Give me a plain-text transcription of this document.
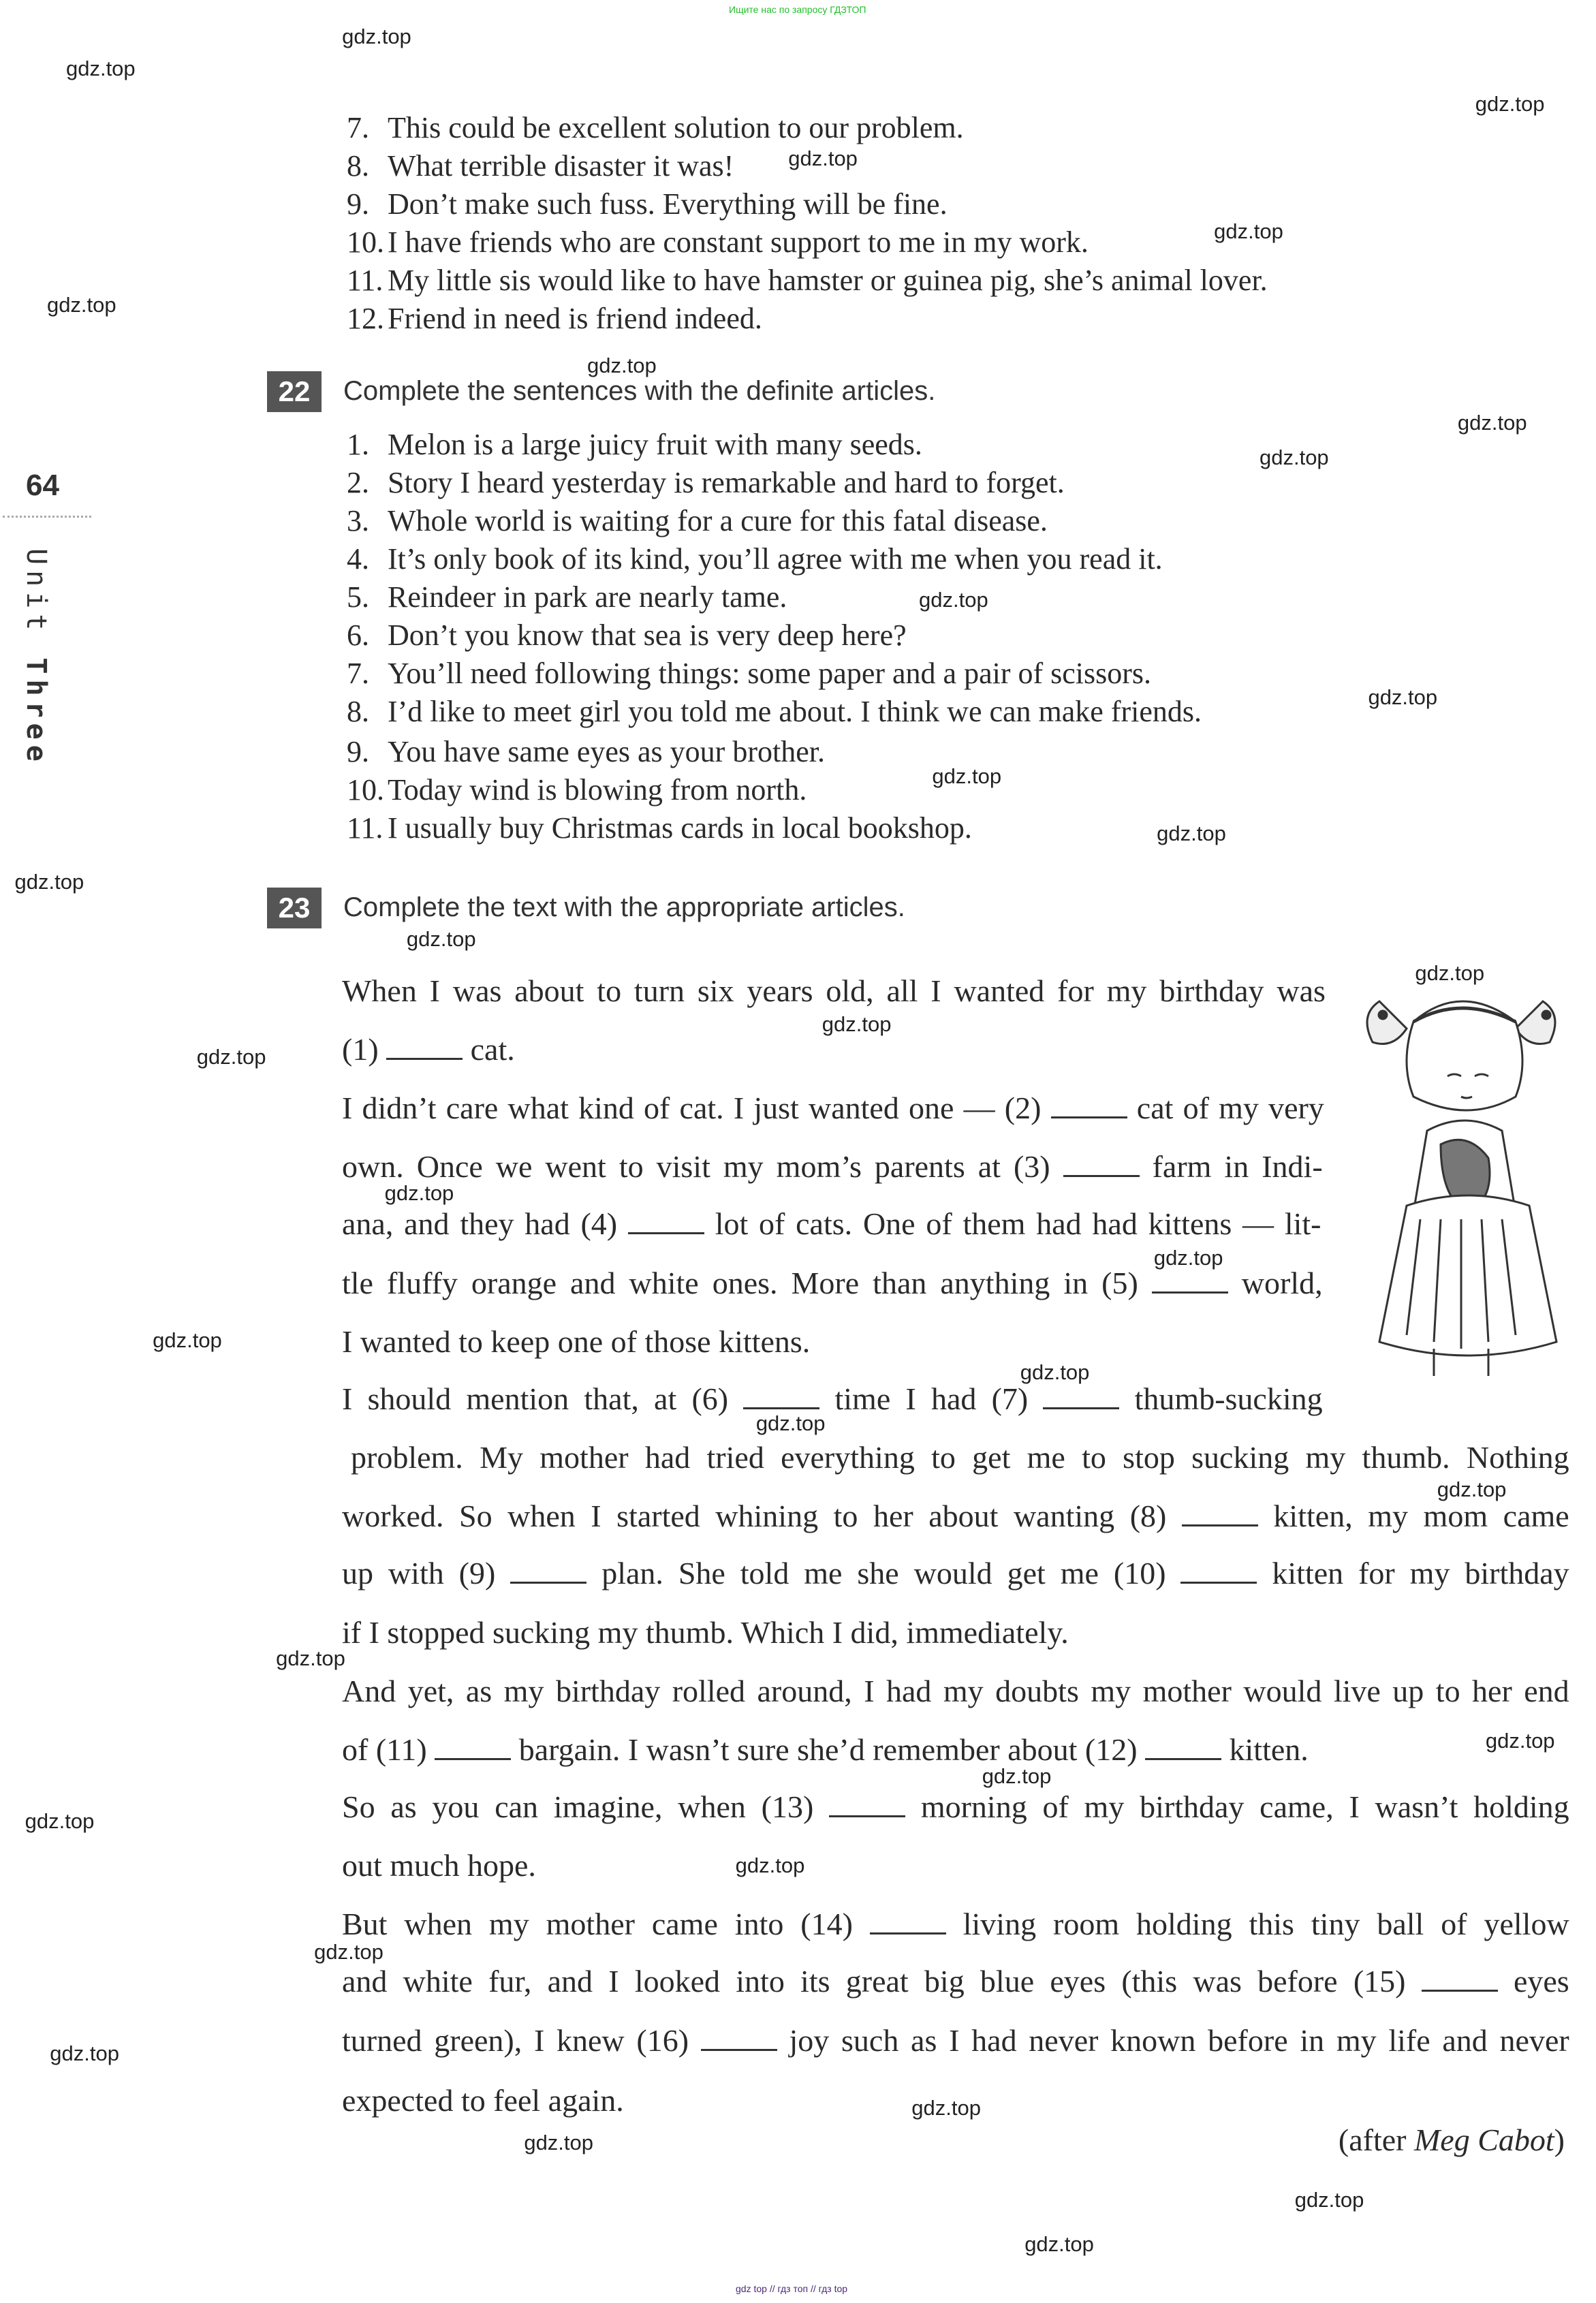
Ищите нас по запросу ГДЗТОП
gdz.top
gdz.top
gdz.top
gdz.top
gdz.top
gdz.top
gdz.top
gdz.top
gdz.top
gdz.top
gdz.top
gdz.top
gdz.top
gdz.top
gdz.top
gdz.top
gdz.top
gdz.top
gdz.top
gdz.top
gdz.top
gdz.top
gdz.top
gdz.top
gdz.top
gdz.top
gdz.top
gdz.top
gdz.top
gdz.top
gdz.top
gdz.top
gdz.top
gdz.top
gdz.top
64
Unit Three
7. This could be excellent solution to our problem.
8. What terrible disaster it was!
9. Don’t make such fuss. Everything will be fine.
10. I have friends who are constant support to me in my work.
11. My little sis would like to have hamster or guinea pig, she’s animal lover.
12. Friend in need is friend indeed.
22	Complete the sentences with the definite articles.
1. Melon is a large juicy fruit with many seeds.
2. Story I heard yesterday is remarkable and hard to forget.
3. Whole world is waiting for a cure for this fatal disease.
4. It’s only book of its kind, you’ll agree with me when you read it.
5. Reindeer in park are nearly tame.
6. Don’t you know that sea is very deep here?
7. You’ll need following things: some paper and a pair of scissors.
8. I’d like to meet girl you told me about. I think we can make friends.
9. You have same eyes as your brother.
10. Today wind is blowing from north.
11. I usually buy Christmas cards in local bookshop.
23	Complete the text with the appropriate articles.
When I was about to turn six years old, all I wanted for my birthday was
(1)  cat.
I didn’t care what kind of cat. I just wanted one — (2)  cat of my very
own. Once we went to visit my mom’s parents at (3)  farm in Indi-
ana, and they had (4)  lot of cats. One of them had had kittens — lit-
tle fluffy orange and white ones. More than anything in (5)  world,
I wanted to keep one of those kittens.
I should mention that, at (6)  time I had (7)  thumb-sucking
problem. My mother had tried everything to get me to stop sucking my thumb. Nothing
worked. So when I started whining to her about wanting (8)  kitten, my mom came
up with (9)  plan. She told me she would get me (10)  kitten for my birthday
if I stopped sucking my thumb. Which I did, immediately.
And yet, as my birthday rolled around, I had my doubts my mother would live up to her end
of (11)  bargain. I wasn’t sure she’d remember about (12)  kitten.
So as you can imagine, when (13)  morning of my birthday came, I wasn’t holding
out much hope.
But when my mother came into (14)  living room holding this tiny ball of yellow
and white fur, and I looked into its great big blue eyes (this was before (15)  eyes
turned green), I knew (16)  joy such as I had never known before in my life and never
expected to feel again.
(after Meg Cabot)
gdz top // гдз топ // гдз top
